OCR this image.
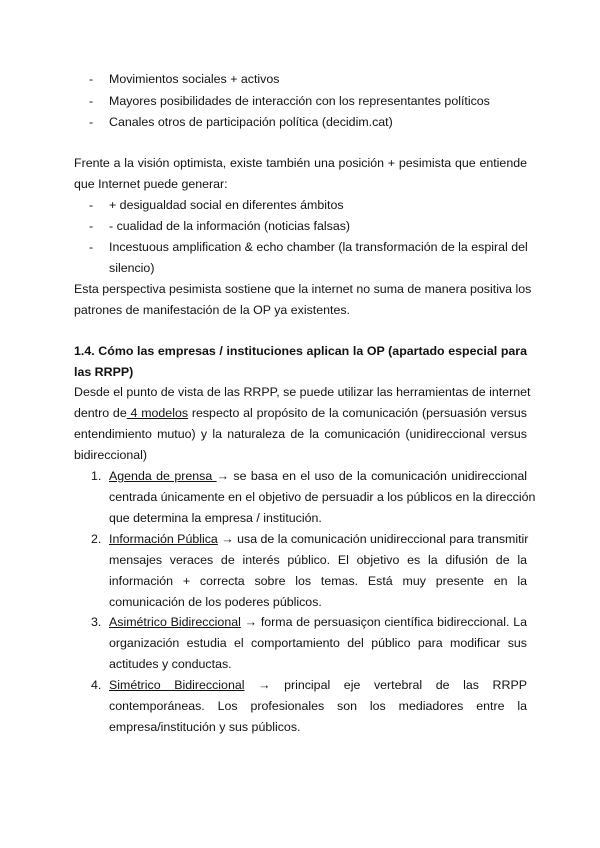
- Movimientos sociales + activos
- Mayores posibilidades de interacción con los representantes políticos
- Canales otros de participación política (decidim.cat)
Frente a la visión optimista, existe también una posición + pesimista que entiende
que Internet puede generar:
- + desigualdad social en diferentes ámbitos
- - cualidad de la información (noticias falsas)
- Incestuous amplification & echo chamber (la transformación de la espiral del
silencio)
Esta perspectiva pesimista sostiene que la internet no suma de manera positiva los
patrones de manifestación de la OP ya existentes.
1.4. Cómo las empresas / instituciones aplican la OP (apartado especial para
las RRPP)
Desde el punto de vista de las RRPP, se puede utilizar las herramientas de internet
dentro de 4 modelos respecto al propósito de la comunicación (persuasión versus
entendimiento mutuo) y la naturaleza de la comunicación (unidireccional versus
bidireccional)
1. Agenda de prensa → se basa en el uso de la comunicación unidireccional
centrada únicamente en el objetivo de persuadir a los públicos en la dirección
que determina la empresa / institución.
2. Información Pública → usa de la comunicación unidireccional para transmitir
mensajes veraces de interés público. El objetivo es la difusión de la
información + correcta sobre los temas. Está muy presente en la
comunicación de los poderes públicos.
3. Asimétrico Bidireccional → forma de persuasiçon científica bidireccional. La
organización estudia el comportamiento del público para modificar sus
actitudes y conductas.
4. Simétrico Bidireccional → principal eje vertebral de las RRPP
contemporáneas. Los profesionales son los mediadores entre la
empresa/institución y sus públicos.
